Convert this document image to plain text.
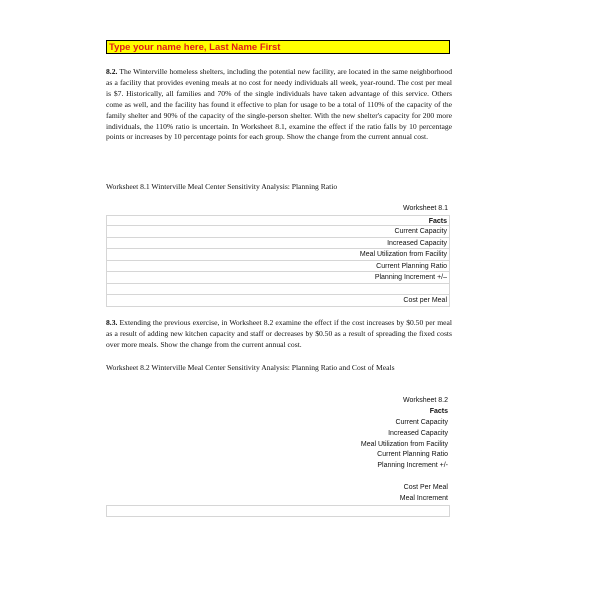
Type your name here, Last Name First

8.2. The Winterville homeless shelters, including the potential new facility, are located in the same neighborhood as a facility that provides evening meals at no cost for needy individuals all week, year-round. The cost per meal is $7. Historically, all families and 70% of the single individuals have taken advantage of this service. Others come as well, and the facility has found it effective to plan for usage to be a total of 110% of the capacity of the family shelter and 90% of the capacity of the single-person shelter. With the new shelter's capacity for 200 more individuals, the 110% ratio is uncertain. In Worksheet 8.1, examine the effect if the ratio falls by 10 percentage points or increases by 10 percentage points for each group. Show the change from the current annual cost.

Worksheet 8.1 Winterville Meal Center Sensitivity Analysis: Planning Ratio

Worksheet 8.1
Facts
Current Capacity
Increased Capacity
Meal Utilization from Facility
Current Planning Ratio
Planning Increment +/–
Cost per Meal

8.3. Extending the previous exercise, in Worksheet 8.2 examine the effect if the cost increases by $0.50 per meal as a result of adding new kitchen capacity and staff or decreases by $0.50 as a result of spreading the fixed costs over more meals. Show the change from the current annual cost.

Worksheet 8.2 Winterville Meal Center Sensitivity Analysis: Planning Ratio and Cost of Meals

Worksheet 8.2
Facts
Current Capacity
Increased Capacity
Meal Utilization from Facility
Current Planning Ratio
Planning Increment +/-
Cost Per Meal
Meal Increment
